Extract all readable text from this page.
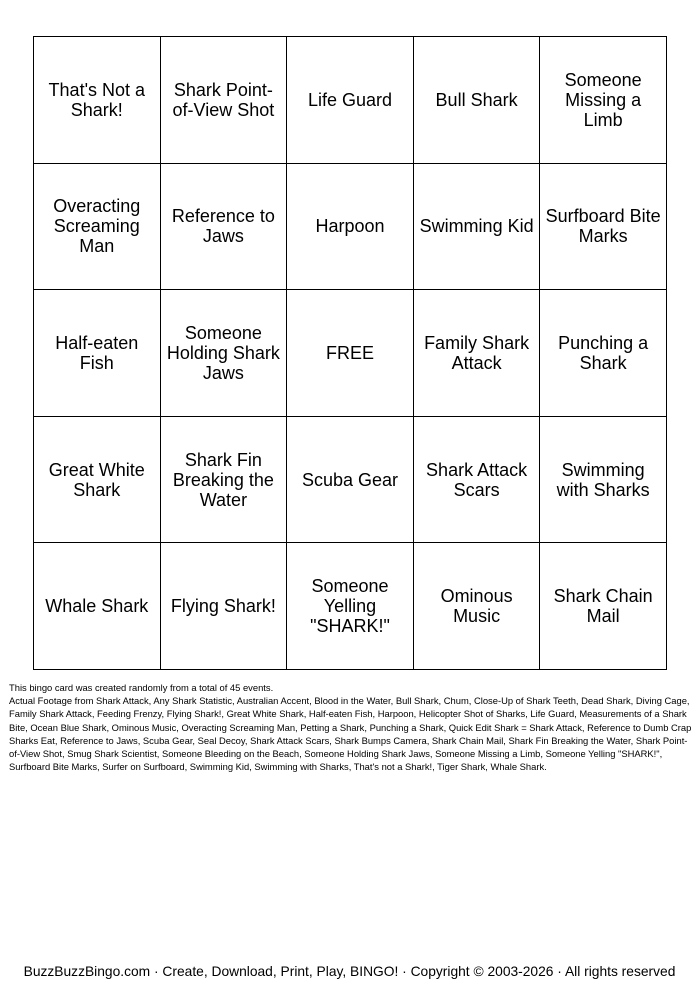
That's Not a Shark!	Shark Point-of-View Shot	Life Guard	Bull Shark	Someone Missing a Limb
Overacting Screaming Man	Reference to Jaws	Harpoon	Swimming Kid	Surfboard Bite Marks
Half-eaten Fish	Someone Holding Shark Jaws	FREE	Family Shark Attack	Punching a Shark
Great White Shark	Shark Fin Breaking the Water	Scuba Gear	Shark Attack Scars	Swimming with Sharks
Whale Shark	Flying Shark!	Someone Yelling "SHARK!"	Ominous Music	Shark Chain Mail

This bingo card was created randomly from a total of 45 events.

Actual Footage from Shark Attack, Any Shark Statistic, Australian Accent, Blood in the Water, Bull Shark, Chum, Close-Up of Shark Teeth, Dead Shark, Diving Cage, Family Shark Attack, Feeding Frenzy, Flying Shark!, Great White Shark, Half-eaten Fish, Harpoon, Helicopter Shot of Sharks, Life Guard, Measurements of a Shark Bite, Ocean Blue Shark, Ominous Music, Overacting Screaming Man, Petting a Shark, Punching a Shark, Quick Edit Shark = Shark Attack, Reference to Dumb Crap Sharks Eat, Reference to Jaws, Scuba Gear, Seal Decoy, Shark Attack Scars, Shark Bumps Camera, Shark Chain Mail, Shark Fin Breaking the Water, Shark Point-of-View Shot, Smug Shark Scientist, Someone Bleeding on the Beach, Someone Holding Shark Jaws, Someone Missing a Limb, Someone Yelling "SHARK!", Surfboard Bite Marks, Surfer on Surfboard, Swimming Kid, Swimming with Sharks, That's not a Shark!, Tiger Shark, Whale Shark.

BuzzBuzzBingo.com · Create, Download, Print, Play, BINGO! · Copyright © 2003-2026 · All rights reserved
